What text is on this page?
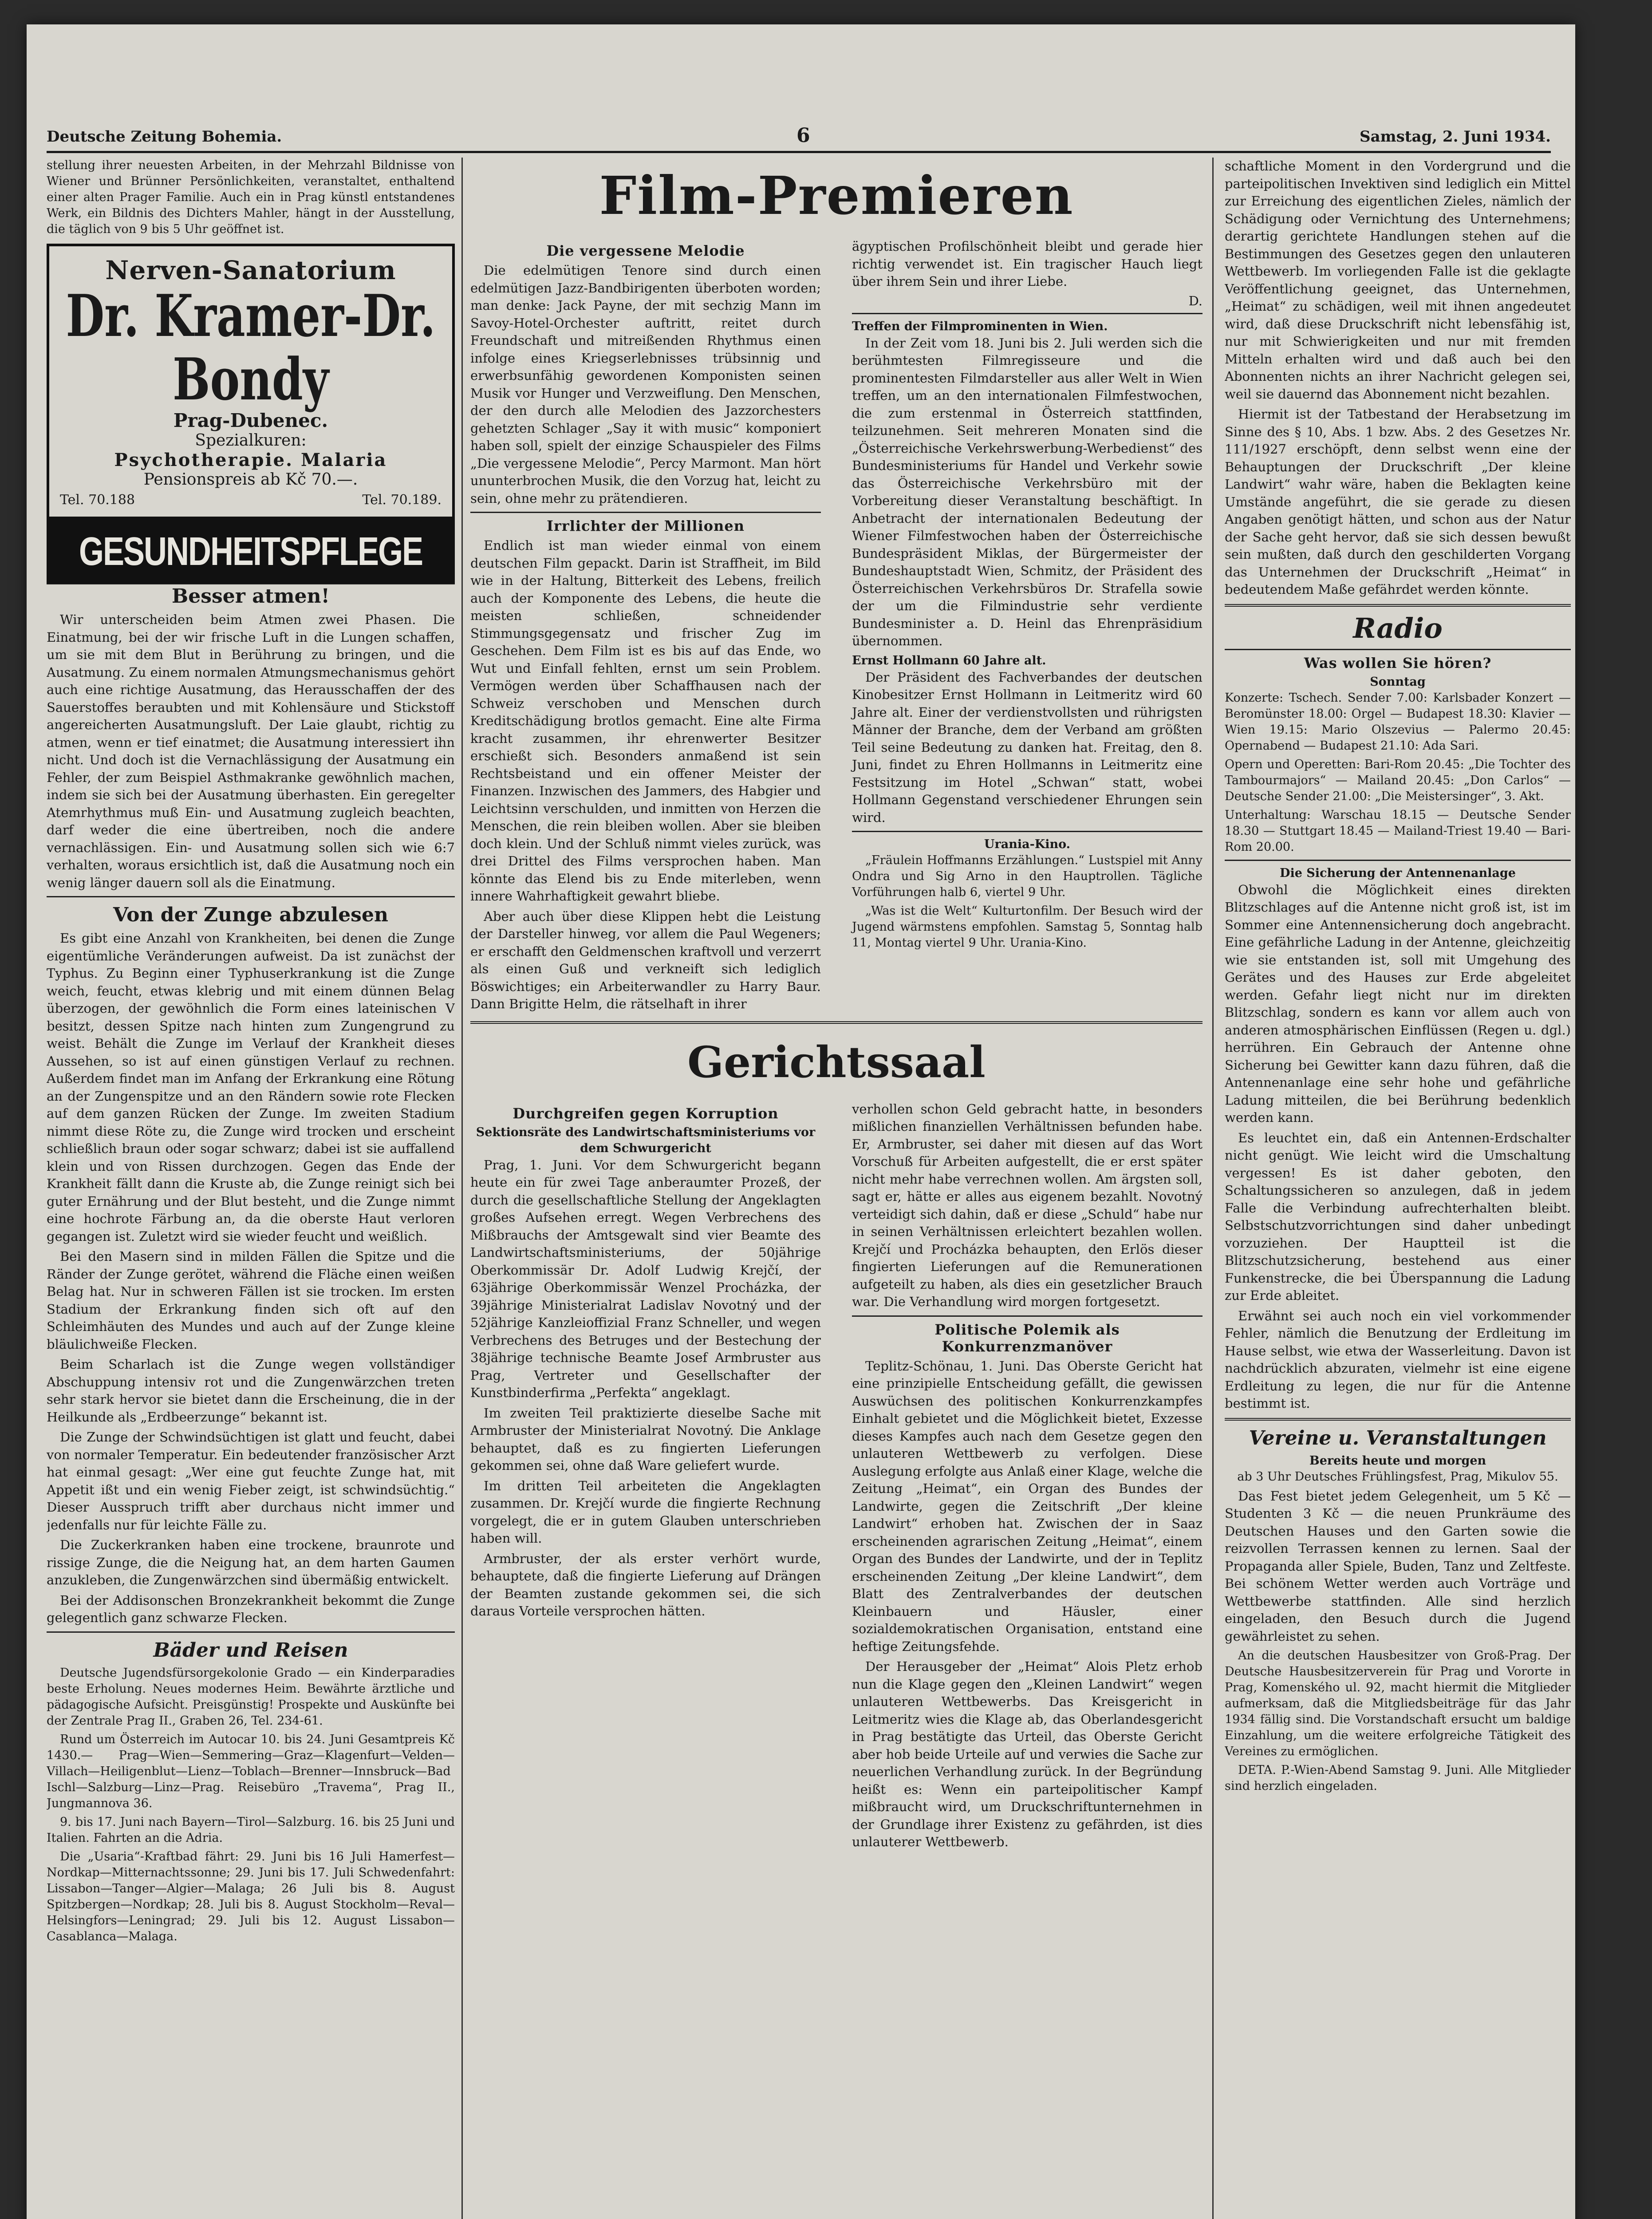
Deutsche Zeitung Bohemia.	6	Samstag, 2. Juni 1934.

stellung ihrer neuesten Arbeiten, in der Mehrzahl Bildnisse von Wiener und Brünner Persönlichkeiten, veranstaltet, enthaltend einer alten Prager Familie. Auch ein in Prag künstl entstandenes Werk, ein Bildnis des Dichters Mahler, hängt in der Ausstellung, die täglich von 9 bis 5 Uhr geöffnet ist.

Nerven-Sanatorium
Dr. Kramer-Dr. Bondy
Prag-Dubenec.
Spezialkuren:
Psychotherapie. Malaria
Pensionspreis ab Kč 70.—.
Tel. 70.188	Tel. 70.189.
GESUNDHEITSPFLEGE
Besser atmen!

Wir unterscheiden beim Atmen zwei Phasen. Die Einatmung, bei der wir frische Luft in die Lungen schaffen, um sie mit dem Blut in Berührung zu bringen, und die Ausatmung. Zu einem normalen Atmungsmechanismus gehört auch eine richtige Ausatmung, das Herausschaffen der des Sauerstoffes beraubten und mit Kohlensäure und Stickstoff angereicherten Ausatmungsluft. Der Laie glaubt, richtig zu atmen, wenn er tief einatmet; die Ausatmung interessiert ihn nicht. Und doch ist die Vernachlässigung der Ausatmung ein Fehler, der zum Beispiel Asthmakranke gewöhnlich machen, indem sie sich bei der Ausatmung überhasten. Ein geregelter Atemrhythmus muß Ein- und Ausatmung zugleich beachten, darf weder die eine übertreiben, noch die andere vernachlässigen. Ein- und Ausatmung sollen sich wie 6:7 verhalten, woraus ersichtlich ist, daß die Ausatmung noch ein wenig länger dauern soll als die Einatmung.

Von der Zunge abzulesen

Es gibt eine Anzahl von Krankheiten, bei denen die Zunge eigentümliche Veränderungen aufweist. Da ist zunächst der Typhus. Zu Beginn einer Typhuserkrankung ist die Zunge weich, feucht, etwas klebrig und mit einem dünnen Belag überzogen, der gewöhnlich die Form eines lateinischen V besitzt, dessen Spitze nach hinten zum Zungengrund zu weist. Behält die Zunge im Verlauf der Krankheit dieses Aussehen, so ist auf einen günstigen Verlauf zu rechnen. Außerdem findet man im Anfang der Erkrankung eine Rötung an der Zungenspitze und an den Rändern sowie rote Flecken auf dem ganzen Rücken der Zunge. Im zweiten Stadium nimmt diese Röte zu, die Zunge wird trocken und erscheint schließlich braun oder sogar schwarz; dabei ist sie auffallend klein und von Rissen durchzogen. Gegen das Ende der Krankheit fällt dann die Kruste ab, die Zunge reinigt sich bei guter Ernährung und der Blut besteht, und die Zunge nimmt eine hochrote Färbung an, da die oberste Haut verloren gegangen ist. Zuletzt wird sie wieder feucht und weißlich.

Bei den Masern sind in milden Fällen die Spitze und die Ränder der Zunge gerötet, während die Fläche einen weißen Belag hat. Nur in schweren Fällen ist sie trocken. Im ersten Stadium der Erkrankung finden sich oft auf den Schleimhäuten des Mundes und auch auf der Zunge kleine bläulichweiße Flecken.

Beim Scharlach ist die Zunge wegen vollständiger Abschuppung intensiv rot und die Zungenwärzchen treten sehr stark hervor sie bietet dann die Erscheinung, die in der Heilkunde als „Erdbeerzunge“ bekannt ist.

Die Zunge der Schwindsüchtigen ist glatt und feucht, dabei von normaler Temperatur. Ein bedeutender französischer Arzt hat einmal gesagt: „Wer eine gut feuchte Zunge hat, mit Appetit ißt und ein wenig Fieber zeigt, ist schwindsüchtig.“ Dieser Ausspruch trifft aber durchaus nicht immer und jedenfalls nur für leichte Fälle zu.

Die Zuckerkranken haben eine trockene, braunrote und rissige Zunge, die die Neigung hat, an dem harten Gaumen anzukleben, die Zungenwärzchen sind übermäßig entwickelt.

Bei der Addisonschen Bronzekrankheit bekommt die Zunge gelegentlich ganz schwarze Flecken.

Bäder und Reisen

Deutsche Jugendsfürsorgekolonie Grado — ein Kinderparadies beste Erholung. Neues modernes Heim. Bewährte ärztliche und pädagogische Aufsicht. Preisgünstig! Prospekte und Auskünfte bei der Zentrale Prag II., Graben 26, Tel. 234-61.

Rund um Österreich im Autocar 10. bis 24. Juni Gesamtpreis Kč 1430.— Prag—Wien—Semmering—Graz—Klagenfurt—Velden—Villach—Heiligenblut—Lienz—Toblach—Brenner—Innsbruck—Bad Ischl—Salzburg—Linz—Prag. Reisebüro „Travema“, Prag II., Jungmannova 36.

9. bis 17. Juni nach Bayern—Tirol—Salzburg. 16. bis 25 Juni und Italien. Fahrten an die Adria.

Die „Usaria“-Kraftbad fährt: 29. Juni bis 16 Juli Hamerfest—Nordkap—Mitternachtssonne; 29. Juni bis 17. Juli Schwedenfahrt: Lissabon—Tanger—Algier—Malaga; 26 Juli bis 8. August Spitzbergen—Nordkap; 28. Juli bis 8. August Stockholm—Reval—Helsingfors—Leningrad; 29. Juli bis 12. August Lissabon—Casablanca—Malaga.

Film-Premieren
Die vergessene Melodie

Die edelmütigen Tenore sind durch einen edelmütigen Jazz-Bandbirigenten überboten worden; man denke: Jack Payne, der mit sechzig Mann im Savoy-Hotel-Orchester auftritt, reitet durch Freundschaft und mitreißenden Rhythmus einen infolge eines Kriegserlebnisses trübsinnig und erwerbsunfähig gewordenen Komponisten seinen Musik vor Hunger und Verzweiflung. Den Menschen, der den durch alle Melodien des Jazzorchesters gehetzten Schlager „Say it with music“ komponiert haben soll, spielt der einzige Schauspieler des Films „Die vergessene Melodie“, Percy Marmont. Man hört ununterbrochen Musik, die den Vorzug hat, leicht zu sein, ohne mehr zu prätendieren.

Irrlichter der Millionen

Endlich ist man wieder einmal von einem deutschen Film gepackt. Darin ist Straffheit, im Bild wie in der Haltung, Bitterkeit des Lebens, freilich auch der Komponente des Lebens, die heute die meisten schließen, schneidender Stimmungsgegensatz und frischer Zug im Geschehen. Dem Film ist es bis auf das Ende, wo Wut und Einfall fehlten, ernst um sein Problem. Vermögen werden über Schaffhausen nach der Schweiz verschoben und Menschen durch Kreditschädigung brotlos gemacht. Eine alte Firma kracht zusammen, ihr ehrenwerter Besitzer erschießt sich. Besonders anmaßend ist sein Rechtsbeistand und ein offener Meister der Finanzen. Inzwischen des Jammers, des Habgier und Leichtsinn verschulden, und inmitten von Herzen die Menschen, die rein bleiben wollen. Aber sie bleiben doch klein. Und der Schluß nimmt vieles zurück, was drei Drittel des Films versprochen haben. Man könnte das Elend bis zu Ende miterleben, wenn innere Wahrhaftigkeit gewahrt bliebe.

Aber auch über diese Klippen hebt die Leistung der Darsteller hinweg, vor allem die Paul Wegeners; er erschafft den Geldmenschen kraftvoll und verzerrt als einen Guß und verkneift sich lediglich Böswichtiges; ein Arbeiterwandler zu Harry Baur. Dann Brigitte Helm, die rätselhaft in ihrer

ägyptischen Profilschönheit bleibt und gerade hier richtig verwendet ist. Ein tragischer Hauch liegt über ihrem Sein und ihrer Liebe.

D.
Treffen der Filmprominenten in Wien.

In der Zeit vom 18. Juni bis 2. Juli werden sich die berühmtesten Filmregisseure und die prominentesten Filmdarsteller aus aller Welt in Wien treffen, um an den internationalen Filmfestwochen, die zum erstenmal in Österreich stattfinden, teilzunehmen. Seit mehreren Monaten sind die „Österreichische Verkehrswerbung-Werbedienst“ des Bundesministeriums für Handel und Verkehr sowie das Österreichische Verkehrsbüro mit der Vorbereitung dieser Veranstaltung beschäftigt. In Anbetracht der internationalen Bedeutung der Wiener Filmfestwochen haben der Österreichische Bundespräsident Miklas, der Bürgermeister der Bundeshauptstadt Wien, Schmitz, der Präsident des Österreichischen Verkehrsbüros Dr. Strafella sowie der um die Filmindustrie sehr verdiente Bundesminister a. D. Heinl das Ehrenpräsidium übernommen.

Ernst Hollmann 60 Jahre alt.

Der Präsident des Fachverbandes der deutschen Kinobesitzer Ernst Hollmann in Leitmeritz wird 60 Jahre alt. Einer der verdienstvollsten und rührigsten Männer der Branche, dem der Verband am größten Teil seine Bedeutung zu danken hat. Freitag, den 8. Juni, findet zu Ehren Hollmanns in Leitmeritz eine Festsitzung im Hotel „Schwan“ statt, wobei Hollmann Gegenstand verschiedener Ehrungen sein wird.

Urania-Kino.

„Fräulein Hoffmanns Erzählungen.“ Lustspiel mit Anny Ondra und Sig Arno in den Hauptrollen. Tägliche Vorführungen halb 6, viertel 9 Uhr.

„Was ist die Welt“ Kulturtonfilm. Der Besuch wird der Jugend wärmstens empfohlen. Samstag 5, Sonntag halb 11, Montag viertel 9 Uhr. Urania-Kino.

Gerichtssaal
Durchgreifen gegen Korruption
Sektionsräte des Landwirtschaftsministeriums vor dem Schwurgericht

Prag, 1. Juni. Vor dem Schwurgericht begann heute ein für zwei Tage anberaumter Prozeß, der durch die gesellschaftliche Stellung der Angeklagten großes Aufsehen erregt. Wegen Verbrechens des Mißbrauchs der Amtsgewalt sind vier Beamte des Landwirtschaftsministeriums, der 50jährige Oberkommissär Dr. Adolf Ludwig Krejčí, der 63jährige Oberkommissär Wenzel Procházka, der 39jährige Ministerialrat Ladislav Novotný und der 52jährige Kanzleioffizial Franz Schneller, und wegen Verbrechens des Betruges und der Bestechung der 38jährige technische Beamte Josef Armbruster aus Prag, Vertreter und Gesellschafter der Kunstbinderfirma „Perfekta“ angeklagt.

Im zweiten Teil praktizierte dieselbe Sache mit Armbruster der Ministerialrat Novotný. Die Anklage behauptet, daß es zu fingierten Lieferungen gekommen sei, ohne daß Ware geliefert wurde.

Im dritten Teil arbeiteten die Angeklagten zusammen. Dr. Krejčí wurde die fingierte Rechnung vorgelegt, die er in gutem Glauben unterschrieben haben will.

Armbruster, der als erster verhört wurde, behauptete, daß die fingierte Lieferung auf Drängen der Beamten zustande gekommen sei, die sich daraus Vorteile versprochen hätten.

verhollen schon Geld gebracht hatte, in besonders mißlichen finanziellen Verhältnissen befunden habe. Er, Armbruster, sei daher mit diesen auf das Wort Vorschuß für Arbeiten aufgestellt, die er erst später nicht mehr habe verrechnen wollen. Am ärgsten soll, sagt er, hätte er alles aus eigenem bezahlt. Novotný verteidigt sich dahin, daß er diese „Schuld“ habe nur in seinen Verhältnissen erleichtert bezahlen wollen. Krejčí und Procházka behaupten, den Erlös dieser fingierten Lieferungen auf die Remunerationen aufgeteilt zu haben, als dies ein gesetzlicher Brauch war. Die Verhandlung wird morgen fortgesetzt.

Politische Polemik als Konkurrenzmanöver

Teplitz-Schönau, 1. Juni. Das Oberste Gericht hat eine prinzipielle Entscheidung gefällt, die gewissen Auswüchsen des politischen Konkurrenzkampfes Einhalt gebietet und die Möglichkeit bietet, Exzesse dieses Kampfes auch nach dem Gesetze gegen den unlauteren Wettbewerb zu verfolgen. Diese Auslegung erfolgte aus Anlaß einer Klage, welche die Zeitung „Heimat“, ein Organ des Bundes der Landwirte, gegen die Zeitschrift „Der kleine Landwirt“ erhoben hat. Zwischen der in Saaz erscheinenden agrarischen Zeitung „Heimat“, einem Organ des Bundes der Landwirte, und der in Teplitz erscheinenden Zeitung „Der kleine Landwirt“, dem Blatt des Zentralverbandes der deutschen Kleinbauern und Häusler, einer sozialdemokratischen Organisation, entstand eine heftige Zeitungsfehde.

Der Herausgeber der „Heimat“ Alois Pletz erhob nun die Klage gegen den „Kleinen Landwirt“ wegen unlauteren Wettbewerbs. Das Kreisgericht in Leitmeritz wies die Klage ab, das Oberlandesgericht in Prag bestätigte das Urteil, das Oberste Gericht aber hob beide Urteile auf und verwies die Sache zur neuerlichen Verhandlung zurück. In der Begründung heißt es: Wenn ein parteipolitischer Kampf mißbraucht wird, um Druckschriftunternehmen in der Grundlage ihrer Existenz zu gefährden, ist dies unlauterer Wettbewerb.

schaftliche Moment in den Vordergrund und die parteipolitischen Invektiven sind lediglich ein Mittel zur Erreichung des eigentlichen Zieles, nämlich der Schädigung oder Vernichtung des Unternehmens; derartig gerichtete Handlungen stehen auf die Bestimmungen des Gesetzes gegen den unlauteren Wettbewerb. Im vorliegenden Falle ist die geklagte Veröffentlichung geeignet, das Unternehmen, „Heimat“ zu schädigen, weil mit ihnen angedeutet wird, daß diese Druckschrift nicht lebensfähig ist, nur mit Schwierigkeiten und nur mit fremden Mitteln erhalten wird und daß auch bei den Abonnenten nichts an ihrer Nachricht gelegen sei, weil sie dauernd das Abonnement nicht bezahlen.

Hiermit ist der Tatbestand der Herabsetzung im Sinne des § 10, Abs. 1 bzw. Abs. 2 des Gesetzes Nr. 111/1927 erschöpft, denn selbst wenn eine der Behauptungen der Druckschrift „Der kleine Landwirt“ wahr wäre, haben die Beklagten keine Umstände angeführt, die sie gerade zu diesen Angaben genötigt hätten, und schon aus der Natur der Sache geht hervor, daß sie sich dessen bewußt sein mußten, daß durch den geschilderten Vorgang das Unternehmen der Druckschrift „Heimat“ in bedeutendem Maße gefährdet werden könnte.

Radio
Was wollen Sie hören?
Sonntag

Konzerte: Tschech. Sender 7.00: Karlsbader Konzert — Beromünster 18.00: Orgel — Budapest 18.30: Klavier — Wien 19.15: Mario Olszevius — Palermo 20.45: Opernabend — Budapest 21.10: Ada Sari.

Opern und Operetten: Bari-Rom 20.45: „Die Tochter des Tambourmajors“ — Mailand 20.45: „Don Carlos“ — Deutsche Sender 21.00: „Die Meistersinger“, 3. Akt.

Unterhaltung: Warschau 18.15 — Deutsche Sender 18.30 — Stuttgart 18.45 — Mailand-Triest 19.40 — Bari-Rom 20.00.

Die Sicherung der Antennenanlage

Obwohl die Möglichkeit eines direkten Blitzschlages auf die Antenne nicht groß ist, ist im Sommer eine Antennensicherung doch angebracht. Eine gefährliche Ladung in der Antenne, gleichzeitig wie sie entstanden ist, soll mit Umgehung des Gerätes und des Hauses zur Erde abgeleitet werden. Gefahr liegt nicht nur im direkten Blitzschlag, sondern es kann vor allem auch von anderen atmosphärischen Einflüssen (Regen u. dgl.) herrühren. Ein Gebrauch der Antenne ohne Sicherung bei Gewitter kann dazu führen, daß die Antennenanlage eine sehr hohe und gefährliche Ladung mitteilen, die bei Berührung bedenklich werden kann.

Es leuchtet ein, daß ein Antennen-Erdschalter nicht genügt. Wie leicht wird die Umschaltung vergessen! Es ist daher geboten, den Schaltungssicheren so anzulegen, daß in jedem Falle die Verbindung aufrechterhalten bleibt. Selbstschutzvorrichtungen sind daher unbedingt vorzuziehen. Der Hauptteil ist die Blitzschutzsicherung, bestehend aus einer Funkenstrecke, die bei Überspannung die Ladung zur Erde ableitet.

Erwähnt sei auch noch ein viel vorkommender Fehler, nämlich die Benutzung der Erdleitung im Hause selbst, wie etwa der Wasserleitung. Davon ist nachdrücklich abzuraten, vielmehr ist eine eigene Erdleitung zu legen, die nur für die Antenne bestimmt ist.

Vereine u. Veranstaltungen
Bereits heute und morgen

ab 3 Uhr Deutsches Frühlingsfest, Prag, Mikulov 55.

Das Fest bietet jedem Gelegenheit, um 5 Kč — Studenten 3 Kč — die neuen Prunkräume des Deutschen Hauses und den Garten sowie die reizvollen Terrassen kennen zu lernen. Saal der Propaganda aller Spiele, Buden, Tanz und Zeltfeste. Bei schönem Wetter werden auch Vorträge und Wettbewerbe stattfinden. Alle sind herzlich eingeladen, den Besuch durch die Jugend gewährleistet zu sehen.

An die deutschen Hausbesitzer von Groß-Prag. Der Deutsche Hausbesitzerverein für Prag und Vororte in Prag, Komenského ul. 92, macht hiermit die Mitglieder aufmerksam, daß die Mitgliedsbeiträge für das Jahr 1934 fällig sind. Die Vorstandschaft ersucht um baldige Einzahlung, um die weitere erfolgreiche Tätigkeit des Vereines zu ermöglichen.

DETA. P.-Wien-Abend Samstag 9. Juni. Alle Mitglieder sind herzlich eingeladen.
